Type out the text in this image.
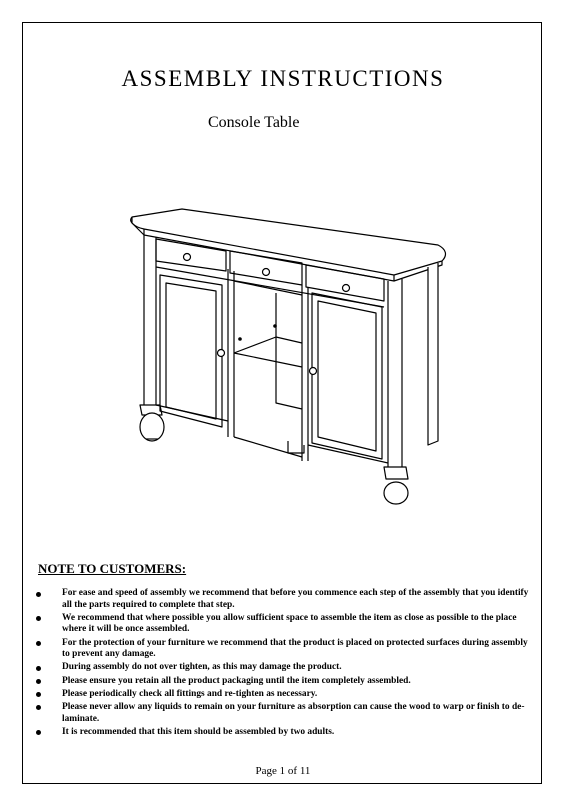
ASSEMBLY INSTRUCTIONS
Console Table
NOTE TO CUSTOMERS:
For ease and speed of assembly we recommend that before you commence each step of the assembly that you identify all the parts required to complete that step.
We recommend that where possible you allow sufficient space to assemble the item as close as possible to the place where it will be once assembled.
For the protection of your furniture we recommend that the product is placed on protected surfaces during assembly to prevent any damage.
During assembly do not over tighten, as this may damage the product.
Please ensure you retain all the product packaging until the item completely assembled.
Please periodically check all fittings and re-tighten as necessary.
Please never allow any liquids to remain on your furniture as absorption can cause the wood to warp or finish to de-laminate.
It is recommended that this item should be assembled by two adults.
Page 1 of 11
